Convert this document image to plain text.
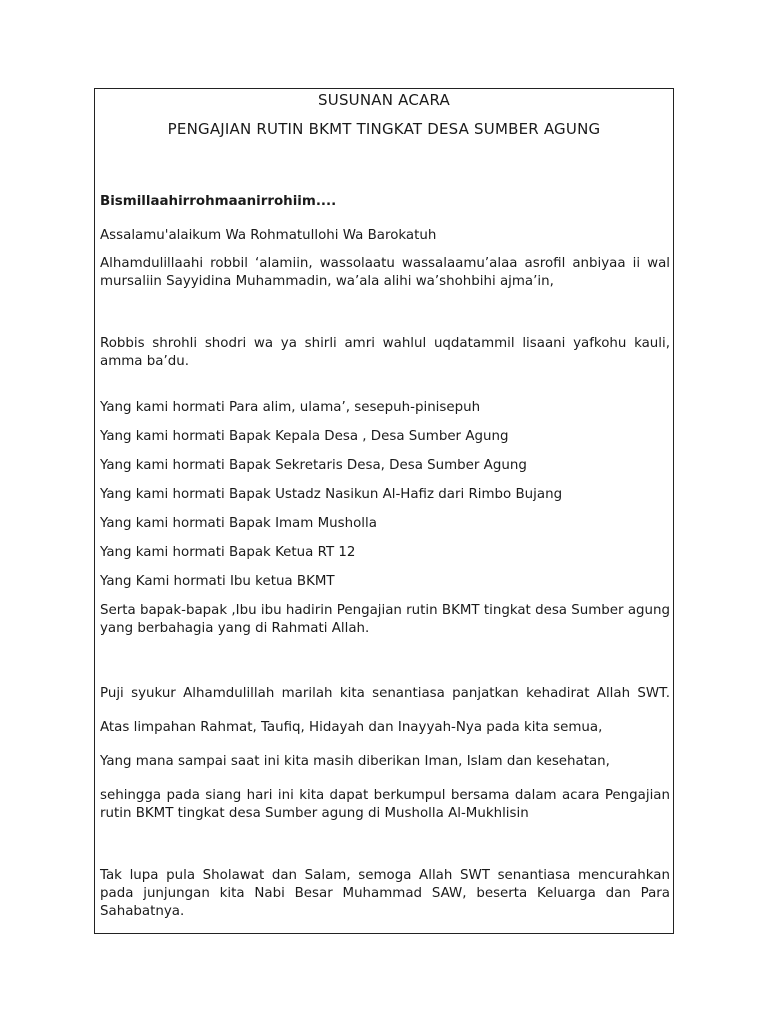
SUSUNAN ACARA
PENGAJIAN RUTIN BKMT TINGKAT DESA SUMBER AGUNG

Bismillaahirrohmaanirrohiim....

Assalamu'alaikum Wa Rohmatullohi Wa Barokatuh

Alhamdulillaahi robbil ‘alamiin, wassolaatu wassalaamu’alaa asrofil anbiyaa ii wal mursaliin Sayyidina Muhammadin, wa’ala alihi wa’shohbihi ajma’in,

Robbis shrohli shodri wa ya shirli amri wahlul uqdatammil lisaani yafkohu kauli, amma ba’du.

Yang kami hormati Para alim, ulama’, sesepuh-pinisepuh

Yang kami hormati Bapak Kepala Desa , Desa Sumber Agung

Yang kami hormati Bapak Sekretaris Desa, Desa Sumber Agung

Yang kami hormati Bapak Ustadz Nasikun Al-Hafiz dari Rimbo Bujang

Yang kami hormati Bapak Imam Musholla

Yang kami hormati Bapak Ketua RT 12

Yang Kami hormati Ibu ketua BKMT

Serta bapak-bapak ,Ibu ibu hadirin Pengajian rutin BKMT tingkat desa Sumber agung yang berbahagia yang di Rahmati Allah.

Puji syukur Alhamdulillah marilah kita senantiasa panjatkan kehadirat Allah SWT.

Atas limpahan Rahmat, Taufiq, Hidayah dan Inayyah-Nya pada kita semua,

Yang mana sampai saat ini kita masih diberikan Iman, Islam dan kesehatan,

sehingga pada siang hari ini kita dapat berkumpul bersama dalam acara Pengajian rutin BKMT tingkat desa Sumber agung di Musholla Al-Mukhlisin

Tak lupa pula Sholawat dan Salam, semoga Allah SWT senantiasa mencurahkan pada junjungan kita Nabi Besar Muhammad SAW, beserta Keluarga dan Para Sahabatnya.
